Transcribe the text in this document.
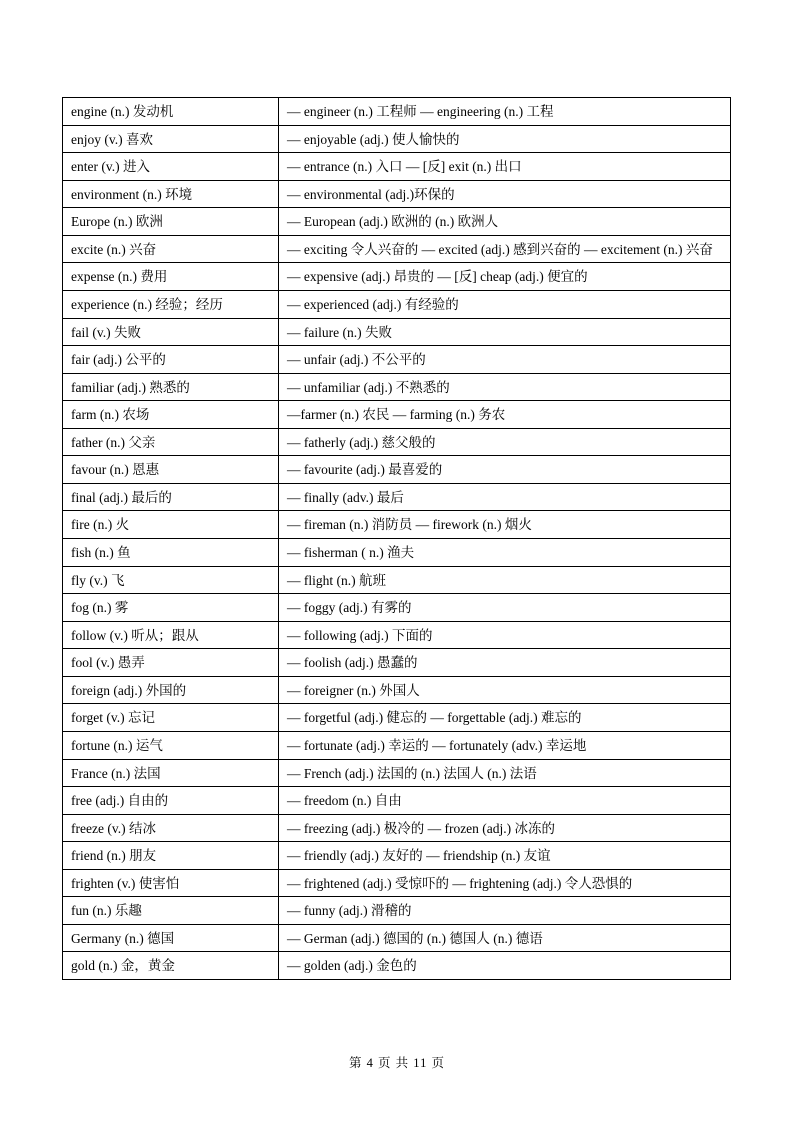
engine (n.) 发动机	— engineer (n.) 工程师 — engineering (n.) 工程
enjoy (v.) 喜欢	— enjoyable (adj.) 使人愉快的
enter (v.) 进入	— entrance (n.) 入口 — [反] exit (n.) 出口
environment (n.) 环境	— environmental (adj.)环保的
Europe (n.) 欧洲	— European (adj.) 欧洲的 (n.) 欧洲人
excite (n.) 兴奋	— exciting 令人兴奋的 — excited (adj.) 感到兴奋的 — excitement (n.) 兴奋
expense (n.) 费用	— expensive (adj.) 昂贵的 — [反] cheap (adj.) 便宜的
experience (n.) 经验；经历	— experienced (adj.) 有经验的
fail (v.) 失败	— failure (n.) 失败
fair (adj.) 公平的	— unfair (adj.) 不公平的
familiar (adj.) 熟悉的	— unfamiliar (adj.) 不熟悉的
farm (n.) 农场	—farmer (n.) 农民 — farming (n.) 务农
father (n.) 父亲	— fatherly (adj.) 慈父般的
favour (n.) 恩惠	— favourite (adj.) 最喜爱的
final (adj.) 最后的	— finally (adv.) 最后
fire (n.) 火	— fireman (n.) 消防员 — firework (n.) 烟火
fish (n.) 鱼	— fisherman ( n.) 渔夫
fly (v.) 飞	— flight (n.) 航班
fog (n.) 雾	— foggy (adj.) 有雾的
follow (v.) 听从；跟从	— following (adj.) 下面的
fool (v.) 愚弄	— foolish (adj.) 愚蠢的
foreign (adj.) 外国的	— foreigner (n.) 外国人
forget (v.) 忘记	— forgetful (adj.) 健忘的 — forgettable (adj.) 难忘的
fortune (n.) 运气	— fortunate (adj.) 幸运的 — fortunately (adv.) 幸运地
France (n.) 法国	— French (adj.) 法国的 (n.) 法国人 (n.) 法语
free (adj.) 自由的	— freedom (n.) 自由
freeze (v.) 结冰	— freezing (adj.) 极冷的 — frozen (adj.) 冰冻的
friend (n.) 朋友	— friendly (adj.) 友好的 — friendship (n.) 友谊
frighten (v.) 使害怕	— frightened (adj.) 受惊吓的 — frightening (adj.) 令人恐惧的
fun (n.) 乐趣	— funny (adj.) 滑稽的
Germany (n.) 德国	— German (adj.) 德国的 (n.) 德国人 (n.) 德语
gold (n.) 金，黄金	— golden (adj.) 金色的
第 4 页 共 11 页
